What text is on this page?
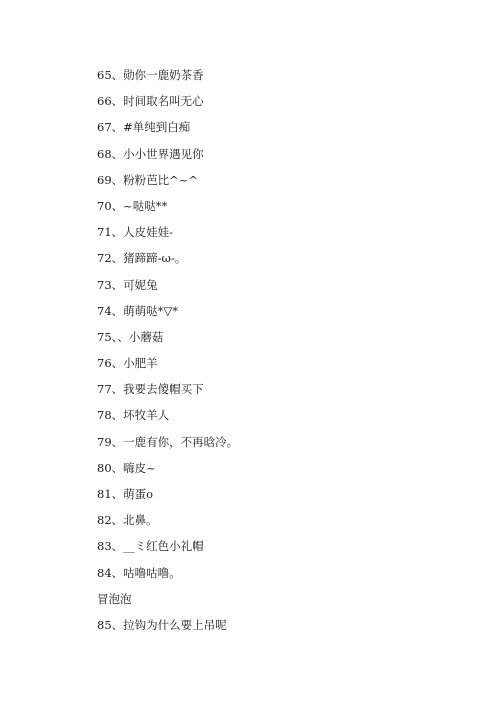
65、勋你一鹿奶茶香
66、时间取名叫无心
67、#单纯到白痴
68、小小世界遇见你
69、粉粉芭比^~^
70、~哒哒**
71、人皮娃娃-
72、猪蹄蹄-ω-。
73、可妮兔
74、萌萌哒*▽*
75、、小蘑菇
76、小肥羊
77、我要去傻帽买下
78、坏牧羊人
79、一鹿有你，不再晗冷。
80、嗨皮~
81、萌蛋o
82、北鼻。
83、__ミ红色小礼帽
84、咕噜咕噜。
冒泡泡
85、拉钩为什么要上吊呢
